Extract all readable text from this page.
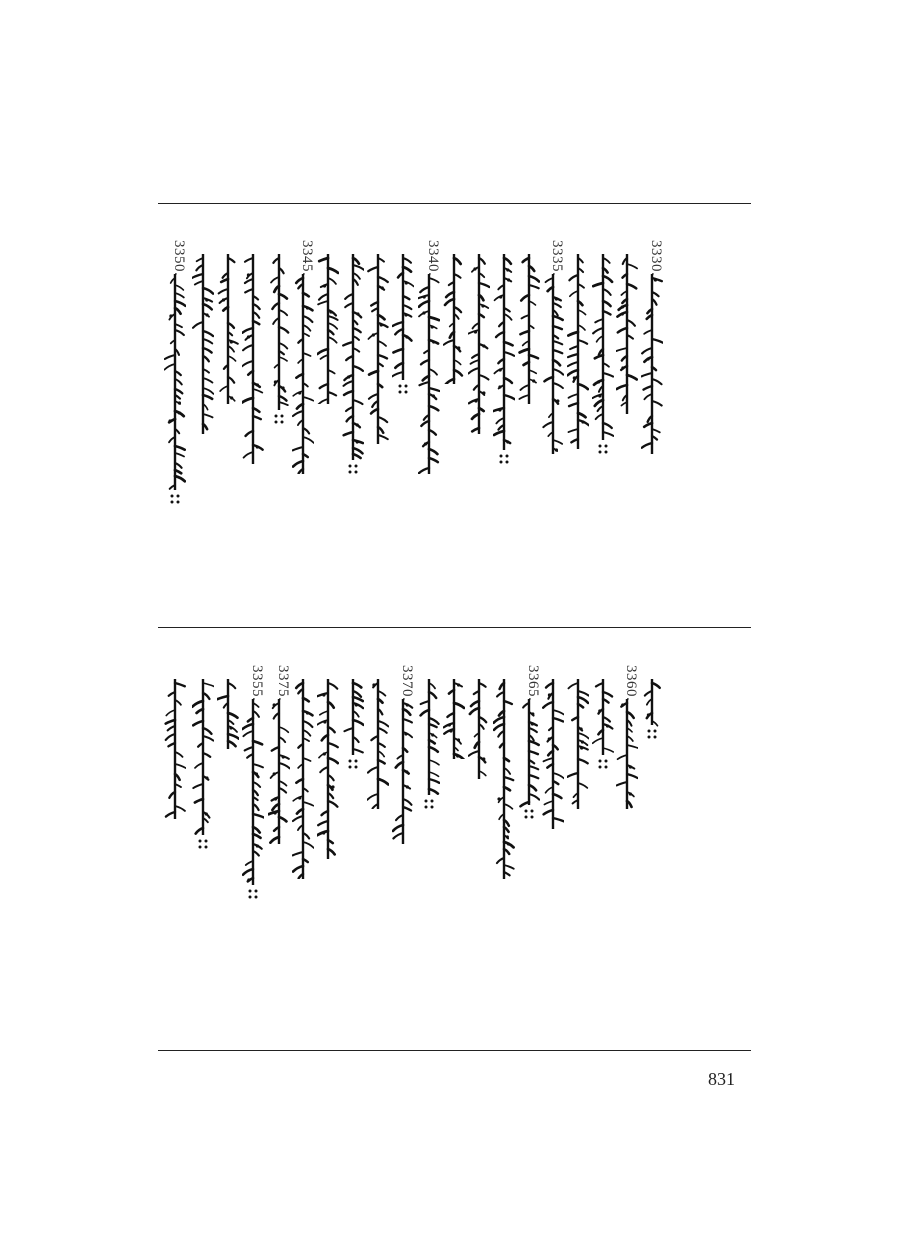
3350.	3345.	3340.	3335.	3330.
3355. 3375.	3370.	3365.	3360.
831
